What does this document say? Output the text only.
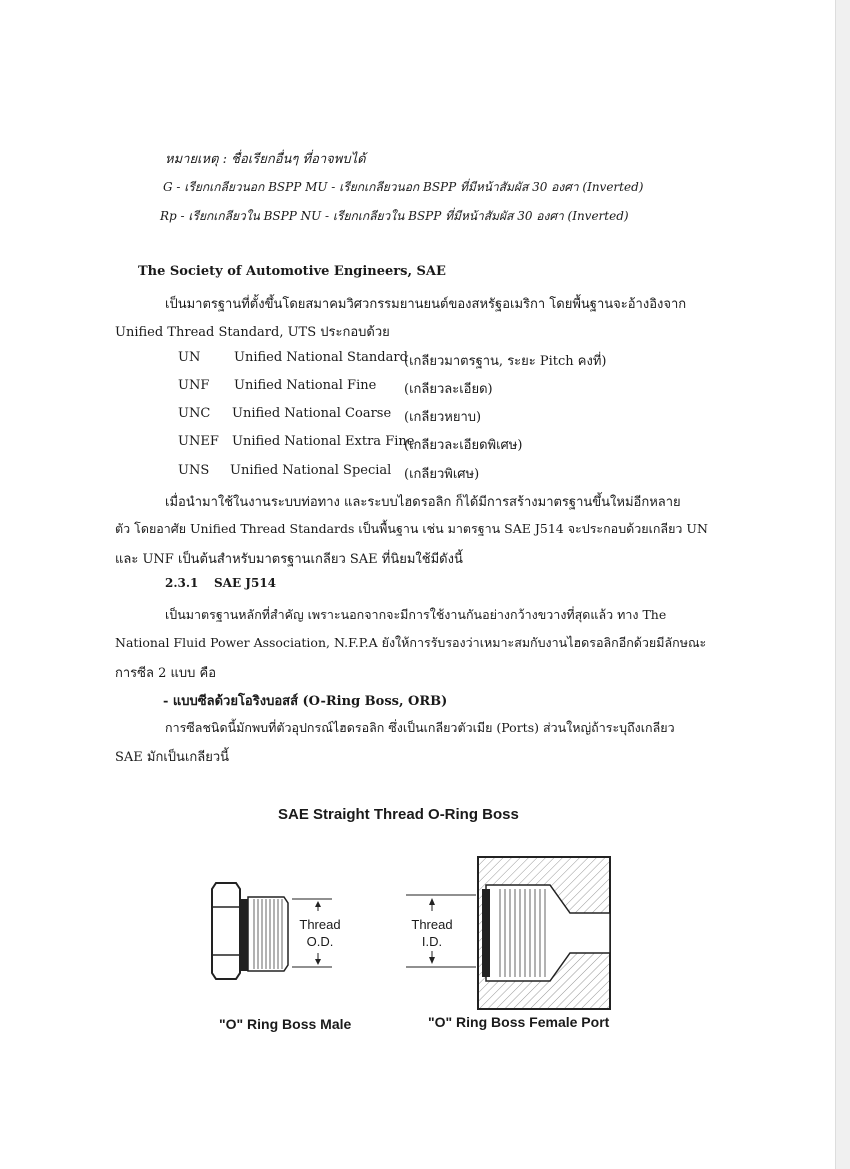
หมายเหตุ : ชื่อเรียกอื่นๆ ที่อาจพบได้
G - เรียกเกลียวนอก BSPP MU - เรียกเกลียวนอก BSPP ที่มีหน้าสัมผัส 30 องศา (Inverted)
Rp - เรียกเกลียวใน BSPP NU - เรียกเกลียวใน BSPP ที่มีหน้าสัมผัส 30 องศา (Inverted)
The Society of Automotive Engineers, SAE
เป็นมาตรฐานที่ตั้งขึ้นโดยสมาคมวิศวกรรมยานยนต์ของสหรัฐอเมริกา โดยพื้นฐานจะอ้างอิงจาก
Unified Thread Standard, UTS ประกอบด้วย
UN	Unified National Standard
(เกลียวมาตรฐาน, ระยะ Pitch คงที่)
UNF Unified National Fine (เกลียวละเอียด)
UNC Unified National Coarse (เกลียวหยาบ)
UNEF Unified National Extra Fine
(เกลียวละเอียดพิเศษ)
UNS Unified National Special (เกลียวพิเศษ)
เมื่อนำมาใช้ในงานระบบท่อทาง และระบบไฮดรอลิก ก็ได้มีการสร้างมาตรฐานขึ้นใหม่อีกหลาย
ตัว โดยอาศัย Unified Thread Standards เป็นพื้นฐาน เช่น มาตรฐาน SAE J514 จะประกอบด้วยเกลียว UN
และ UNF เป็นต้นสำหรับมาตรฐานเกลียว SAE ที่นิยมใช้มีดังนี้
2.3.1 SAE J514
เป็นมาตรฐานหลักที่สำคัญ เพราะนอกจากจะมีการใช้งานกันอย่างกว้างขวางที่สุดแล้ว ทาง The
National Fluid Power Association, N.F.P.A ยังให้การรับรองว่าเหมาะสมกับงานไฮดรอลิกอีกด้วยมีลักษณะ
การซีล 2 แบบ คือ
- แบบซีลด้วยโอริงบอสส์ (O-Ring Boss, ORB)
การซีลชนิดนี้มักพบที่ตัวอุปกรณ์ไฮดรอลิก ซึ่งเป็นเกลียวตัวเมีย (Ports) ส่วนใหญ่ถ้าระบุถึงเกลียว
SAE มักเป็นเกลียวนี้
SAE Straight Thread O-Ring Boss
Thread
O.D.
Thread
I.D.
"O" Ring Boss Male	"O" Ring Boss Female Port
